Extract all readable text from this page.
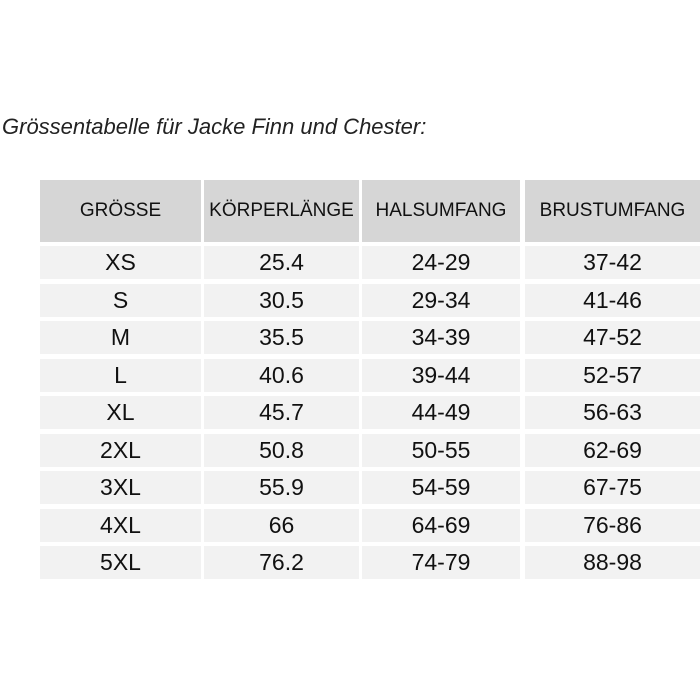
Grössentabelle für Jacke Finn und Chester:
GRÖSSE	KÖRPERLÄNGE	HALSUMFANG	BRUSTUMFANG
XS	25.4	24-29	37-42
S	30.5	29-34	41-46
M	35.5	34-39	47-52
L	40.6	39-44	52-57
XL	45.7	44-49	56-63
2XL	50.8	50-55	62-69
3XL	55.9	54-59	67-75
4XL	66	64-69	76-86
5XL	76.2	74-79	88-98
